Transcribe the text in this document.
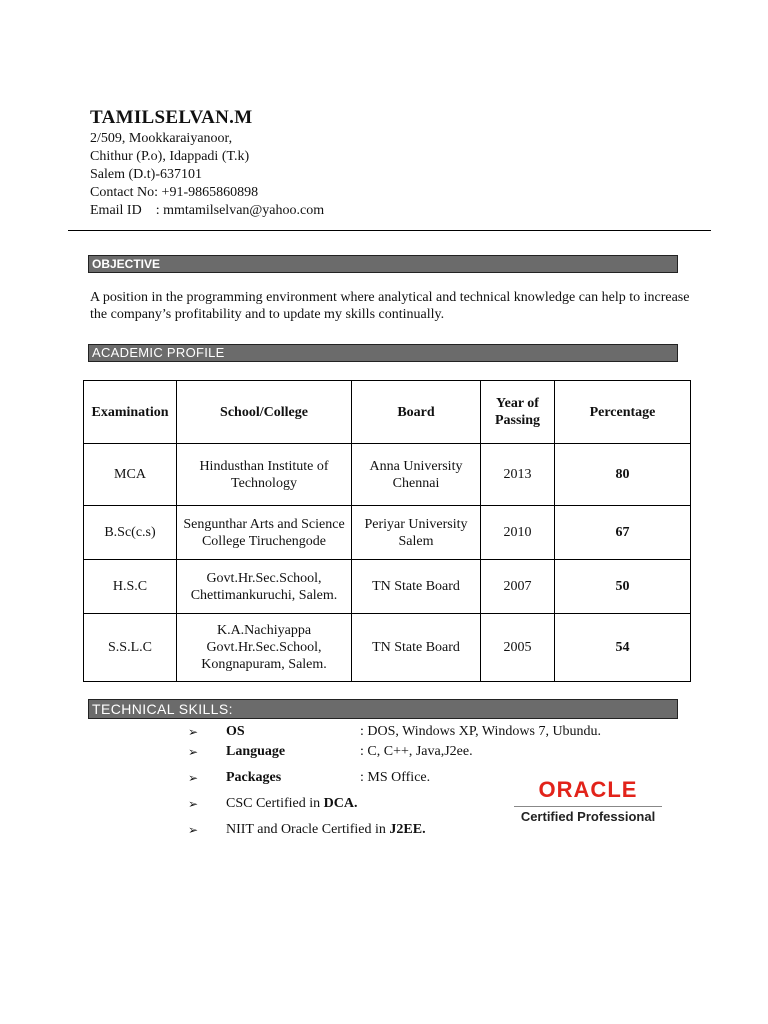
TAMILSELVAN.M
2/509, Mookkaraiyanoor,
Chithur (P.o), Idappadi (T.k)
Salem (D.t)-637101
Contact No: +91-9865860898
Email ID    : mmtamilselvan@yahoo.com
OBJECTIVE
A position in the programming environment where analytical and technical knowledge can help to increase the company’s profitability and to update my skills continually.
ACADEMIC PROFILE
Examination	School/College	Board	Year of Passing	Percentage
MCA	Hindusthan Institute of Technology	Anna University Chennai	2013	80
B.Sc(c.s)	Sengunthar Arts and Science College Tiruchengode	Periyar University Salem	2010	67
H.S.C	Govt.Hr.Sec.School, Chettimankuruchi, Salem.	TN State Board	2007	50
S.S.L.C	K.A.Nachiyappa Govt.Hr.Sec.School, Kongnapuram, Salem.	TN State Board	2005	54
TECHNICAL SKILLS:
➢ OS	: DOS, Windows XP, Windows 7, Ubundu.
➢ Language	: C, C++, Java,J2ee.
➢ Packages	: MS Office.
➢ CSC Certified in DCA.
➢ NIIT and Oracle Certified in J2EE.
ORACLE
Certified Professional
